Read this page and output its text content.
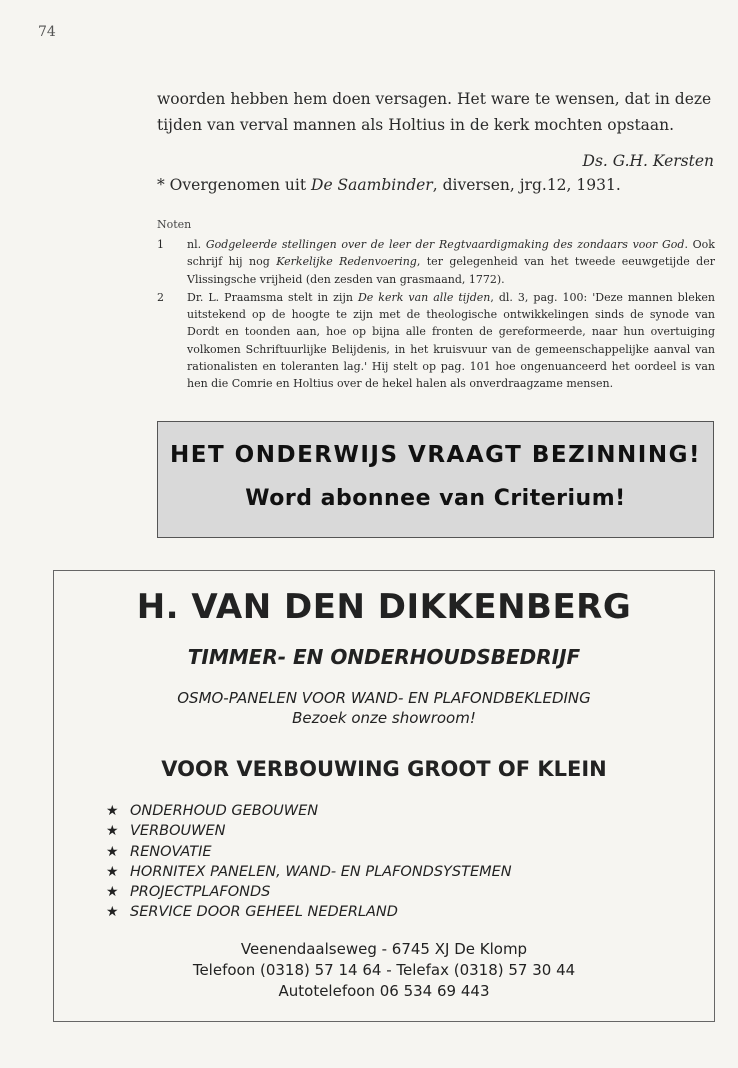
74

woorden hebben hem doen versagen. Het ware te wensen, dat in deze tijden van verval mannen als Holtius in de kerk mochten opstaan.

Ds. G.H. Kersten
* Overgenomen uit De Saambinder, diversen, jrg.12, 1931.
Noten
1 nl. Godgeleerde stellingen over de leer der Regtvaardigmaking des zondaars voor God. Ook schrijf hij nog Kerkelijke Redenvoering, ter gelegenheid van het tweede eeuwgetijde der Vlissingsche vrijheid (den zesden van grasmaand, 1772).
2 Dr. L. Praamsma stelt in zijn De kerk van alle tijden, dl. 3, pag. 100: 'Deze mannen bleken uitstekend op de hoogte te zijn met de theologische ontwikkelingen sinds de synode van Dordt en toonden aan, hoe op bijna alle fronten de gereformeerde, naar hun overtuiging volkomen Schriftuurlijke Belijdenis, in het kruisvuur van de gemeenschappelijke aanval van rationalisten en toleranten lag.' Hij stelt op pag. 101 hoe ongenuanceerd het oordeel is van hen die Comrie en Holtius over de hekel halen als onverdraagzame mensen.
HET ONDERWIJS VRAAGT BEZINNING!
Word abonnee van Criterium!
H. VAN DEN DIKKENBERG
TIMMER- EN ONDERHOUDSBEDRIJF
OSMO-PANELEN VOOR WAND- EN PLAFONDBEKLEDING
Bezoek onze showroom!
VOOR VERBOUWING GROOT OF KLEIN
★ ONDERHOUD GEBOUWEN
★ VERBOUWEN
★ RENOVATIE
★ HORNITEX PANELEN, WAND- EN PLAFONDSYSTEMEN
★ PROJECTPLAFONDS
★ SERVICE DOOR GEHEEL NEDERLAND
Veenendaalseweg - 6745 XJ De Klomp
Telefoon (0318) 57 14 64 - Telefax (0318) 57 30 44
Autotelefoon 06 534 69 443
